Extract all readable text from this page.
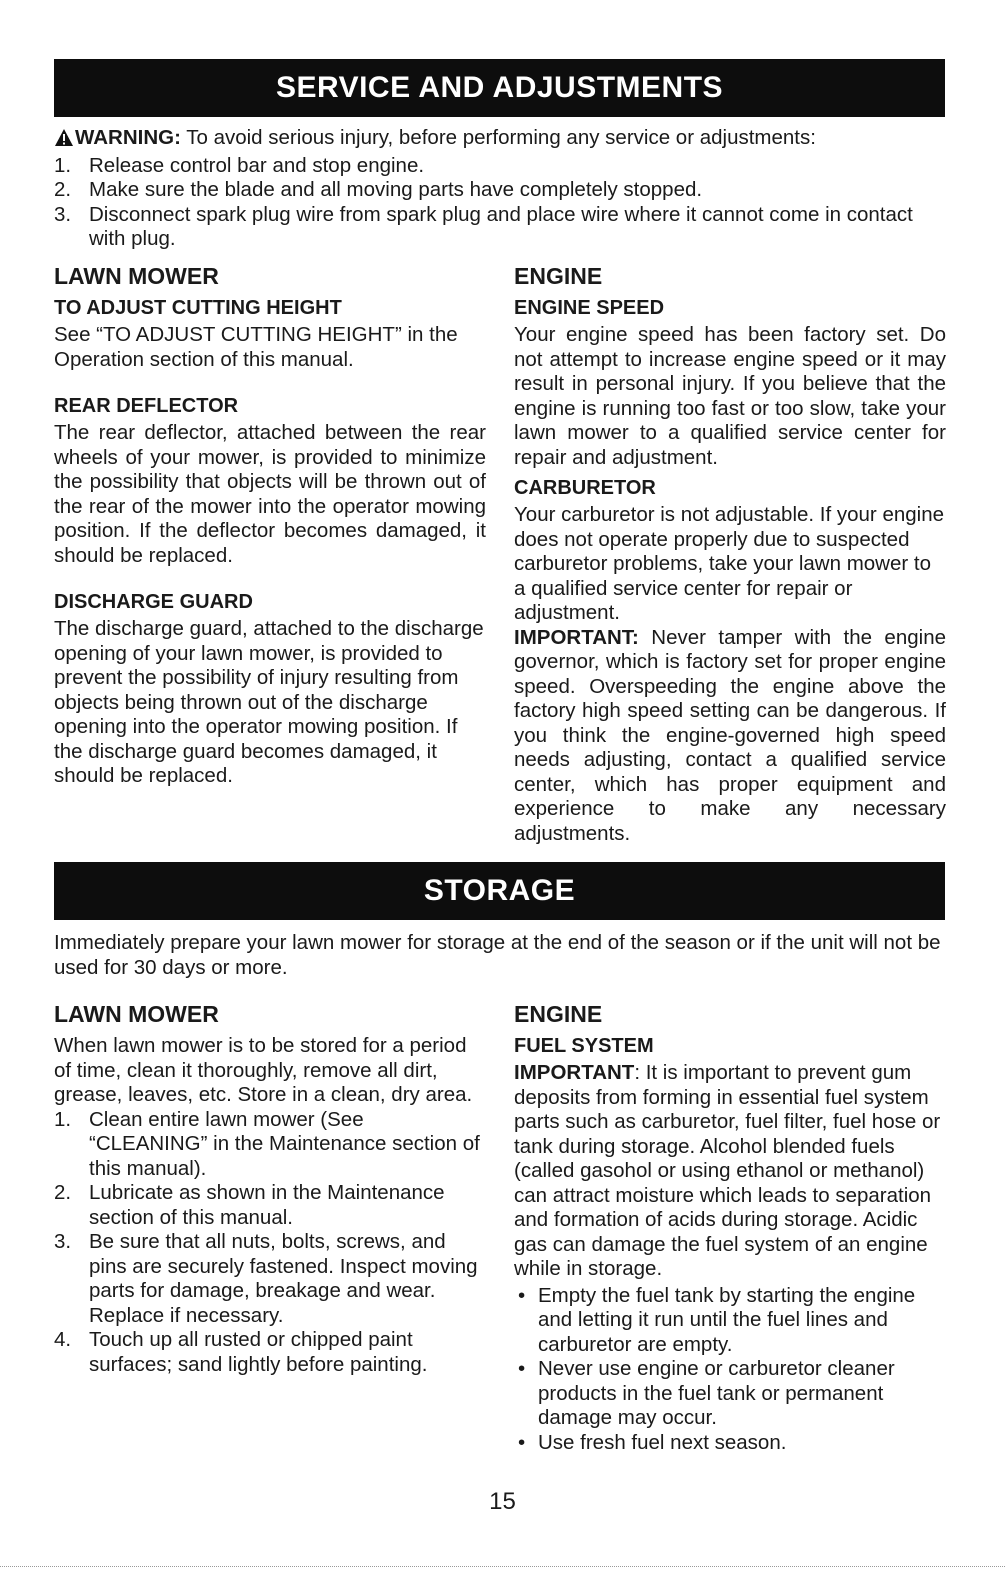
SERVICE AND ADJUSTMENTS

WARNING: To avoid serious injury, before performing any service or adjustments:

1. Release control bar and stop engine.
2. Make sure the blade and all moving parts have completely stopped.
3. Disconnect spark plug wire from spark plug and place wire where it cannot come in contact with plug.
LAWN MOWER
TO ADJUST CUTTING HEIGHT

See “TO ADJUST CUTTING HEIGHT” in the Operation section of this manual.

REAR DEFLECTOR

The rear deflector, attached between the rear wheels of your mower, is provided to minimize the possibility that objects will be thrown out of the rear of the mower into the operator mowing position. If the deflector becomes damaged, it should be replaced.

DISCHARGE GUARD

The discharge guard, attached to the discharge opening of your lawn mower, is provided to prevent the possibility of injury resulting from objects being thrown out of the discharge opening into the operator mowing position. If the discharge guard becomes damaged, it should be replaced.

ENGINE
ENGINE SPEED

Your engine speed has been factory set. Do not attempt to increase engine speed or it may result in personal injury. If you believe that the engine is running too fast or too slow, take your lawn mower to a qualified service center for repair and adjustment.

CARBURETOR

Your carburetor is not adjustable. If your engine does not operate properly due to suspected carburetor problems, take your lawn mower to a qualified service center for repair or adjustment.

IMPORTANT: Never tamper with the engine governor, which is factory set for proper engine speed. Overspeeding the engine above the factory high speed setting can be dangerous. If you think the engine-governed high speed needs adjusting, contact a qualified service center, which has proper equipment and experience to make any necessary adjustments.

STORAGE

Immediately prepare your lawn mower for storage at the end of the season or if the unit will not be used for 30 days or more.

LAWN MOWER

When lawn mower is to be stored for a period of time, clean it thoroughly, remove all dirt, grease, leaves, etc. Store in a clean, dry area.

1. Clean entire lawn mower (See “CLEANING” in the Maintenance section of this manual).
2. Lubricate as shown in the Maintenance section of this manual.
3. Be sure that all nuts, bolts, screws, and pins are securely fastened. Inspect moving parts for damage, breakage and wear. Replace if necessary.
4. Touch up all rusted or chipped paint surfaces; sand lightly before painting.
ENGINE
FUEL SYSTEM

IMPORTANT: It is important to prevent gum deposits from forming in essential fuel system parts such as carburetor, fuel filter, fuel hose or tank during storage. Alcohol blended fuels (called gasohol or using ethanol or methanol) can attract moisture which leads to separation and formation of acids during storage. Acidic gas can damage the fuel system of an engine while in storage.

• Empty the fuel tank by starting the engine and letting it run until the fuel lines and carburetor are empty.
• Never use engine or carburetor cleaner products in the fuel tank or permanent damage may occur.
• Use fresh fuel next season.
15
